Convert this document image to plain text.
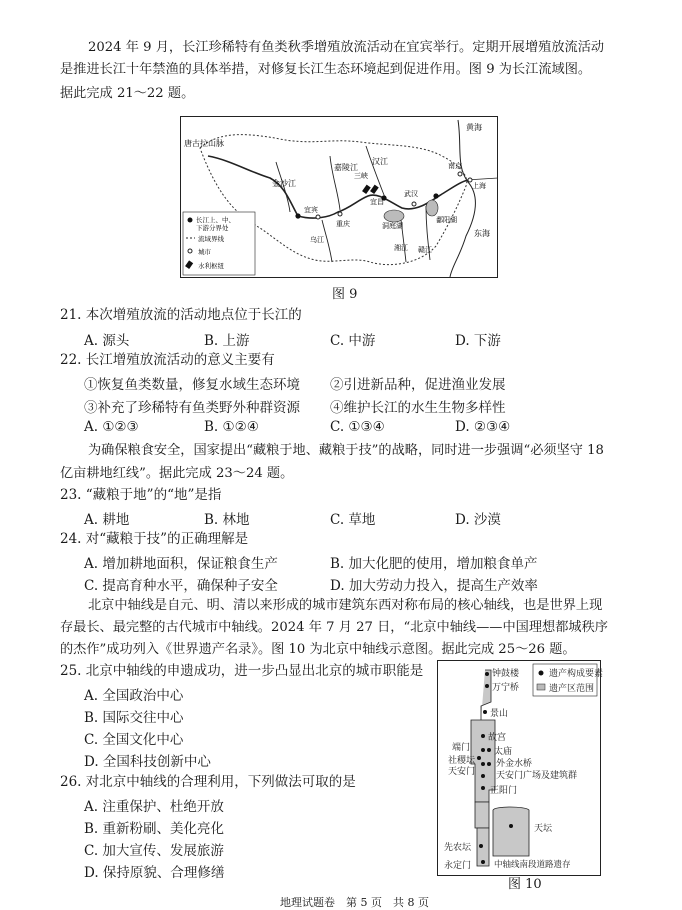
2024 年 9 月，长江珍稀特有鱼类秋季增殖放流活动在宜宾举行。定期开展增殖放流活动
是推进长江十年禁渔的具体举措，对修复长江生态环境起到促进作用。图 9 为长江流域图。
据此完成 21～22 题。
唐古拉山脉
黄海
东海
金沙江
嘉陵江
汉江
宜宾
重庆
三峡
宜昌
武汉
南京
上海
洞庭湖
鄱阳湖
湘江 赣江
乌江
长江上、中、
下游分界处
流域界线
城市
水利枢纽
图 9
21. 本次增殖放流的活动地点位于长江的
A. 源头	B. 上游	C. 中游	D. 下游
22. 长江增殖放流活动的意义主要有
①恢复鱼类数量，修复水域生态环境 ②引进新品种，促进渔业发展
③补充了珍稀特有鱼类野外种群资源 ④维护长江的水生生物多样性
A. ①②③	B. ①②④	C. ①③④	D. ②③④
为确保粮食安全，国家提出“藏粮于地、藏粮于技”的战略，同时进一步强调“必须坚守 18
亿亩耕地红线”。据此完成 23～24 题。
23. “藏粮于地”的“地”是指
A. 耕地	B. 林地	C. 草地	D. 沙漠
24. 对“藏粮于技”的正确理解是
A. 增加耕地面积，保证粮食生产	B. 加大化肥的使用，增加粮食单产
C. 提高育种水平，确保种子安全	D. 加大劳动力投入，提高生产效率
北京中轴线是自元、明、清以来形成的城市建筑东西对称布局的核心轴线，也是世界上现
存最长、最完整的古代城市中轴线。2024 年 7 月 27 日，“北京中轴线——中国理想都城秩序
的杰作”成功列入《世界遗产名录》。图 10 为北京中轴线示意图。据此完成 25～26 题。
25. 北京中轴线的申遗成功，进一步凸显出北京的城市职能是
A. 全国政治中心
B. 国际交往中心
C. 全国文化中心
D. 全国科技创新中心
26. 对北京中轴线的合理利用，下列做法可取的是
A. 注重保护、杜绝开放
B. 重新粉刷、美化亮化
C. 加大宣传、发展旅游
D. 保持原貌、合理修缮
遗产构成要素
遗产区范围
钟鼓楼
万宁桥
景山
故宫
端门	太庙
社稷坛
天安门
外金水桥
天安门广场及建筑群
正阳门
天坛
先农坛
永定门	中轴线南段道路遗存
图 10
地理试题卷　第 5 页　共 8 页
